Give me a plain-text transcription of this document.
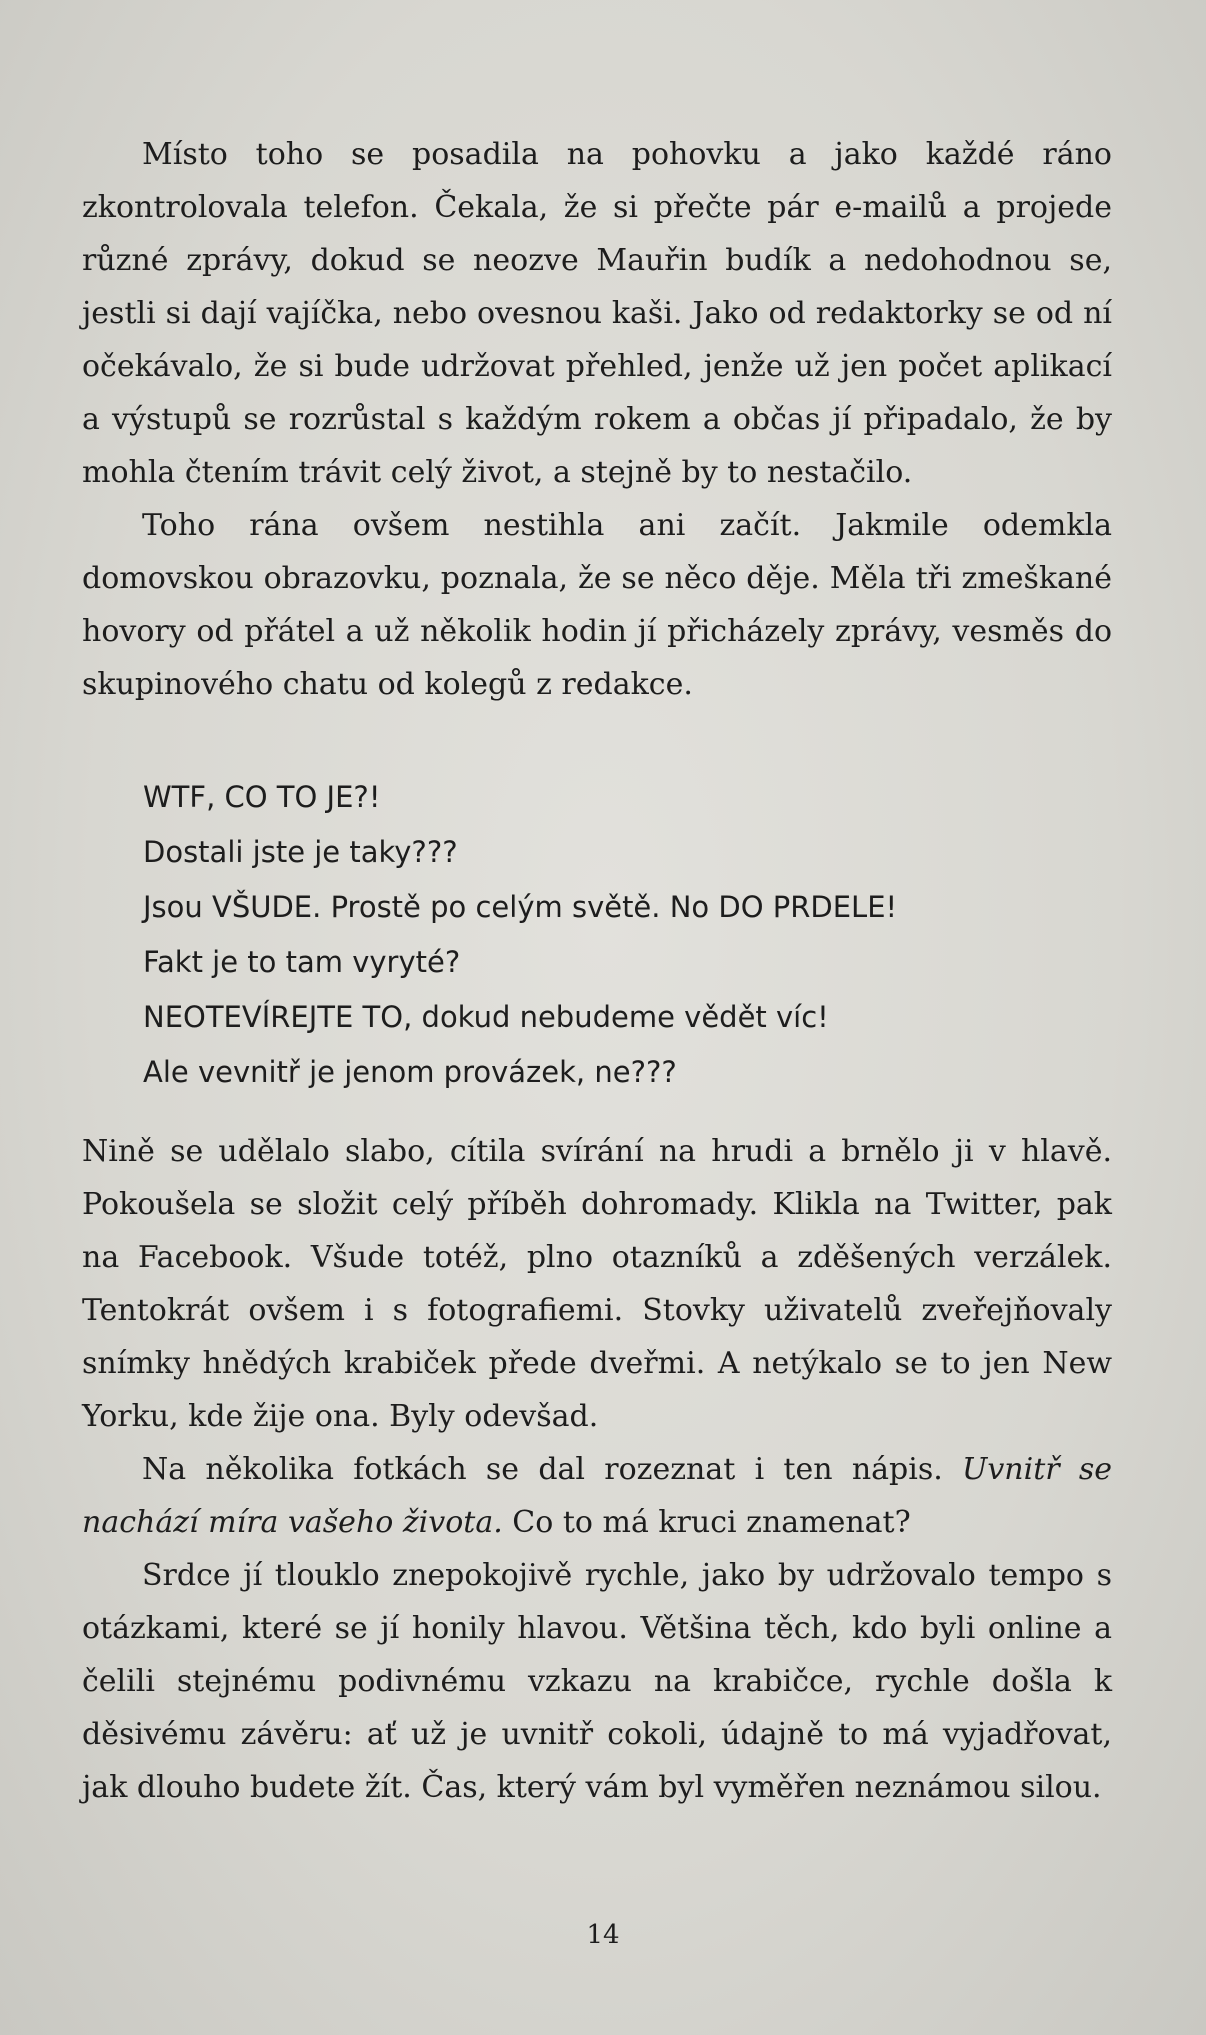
Místo toho se posadila na pohovku a jako každé ráno zkontrolovala telefon. Čekala, že si přečte pár e-mailů a projede různé zprávy, dokud se neozve Mauřin budík a nedohodnou se, jestli si dají vajíčka, nebo ovesnou kaši. Jako od redaktorky se od ní očekávalo, že si bude udržovat přehled, jenže už jen počet aplikací a výstupů se rozrůstal s každým rokem a občas jí připadalo, že by mohla čtením trávit celý život, a stejně by to nestačilo.

Toho rána ovšem nestihla ani začít. Jakmile odemkla domovskou obrazovku, poznala, že se něco děje. Měla tři zmeškané hovory od přátel a už několik hodin jí přicházely zprávy, vesměs do skupinového chatu od kolegů z redakce.

WTF, CO TO JE?!
Dostali jste je taky???
Jsou VŠUDE. Prostě po celým světě. No DO PRDELE!
Fakt je to tam vyryté?
NEOTEVÍREJTE TO, dokud nebudeme vědět víc!
Ale vevnitř je jenom provázek, ne???

Nině se udělalo slabo, cítila svírání na hrudi a brnělo ji v hlavě. Pokoušela se složit celý příběh dohromady. Klikla na Twitter, pak na Facebook. Všude totéž, plno otazníků a zděšených verzálek. Tentokrát ovšem i s fotografiemi. Stovky uživatelů zveřejňovaly snímky hnědých krabiček přede dveřmi. A netýkalo se to jen New Yorku, kde žije ona. Byly odevšad.

Na několika fotkách se dal rozeznat i ten nápis. Uvnitř se nachází míra vašeho života. Co to má kruci znamenat?

Srdce jí tlouklo znepokojivě rychle, jako by udržovalo tempo s otázkami, které se jí honily hlavou. Většina těch, kdo byli online a čelili stejnému podivnému vzkazu na krabičce, rychle došla k děsivému závěru: ať už je uvnitř cokoli, údajně to má vyjadřovat, jak dlouho budete žít. Čas, který vám byl vyměřen neznámou silou.

14
